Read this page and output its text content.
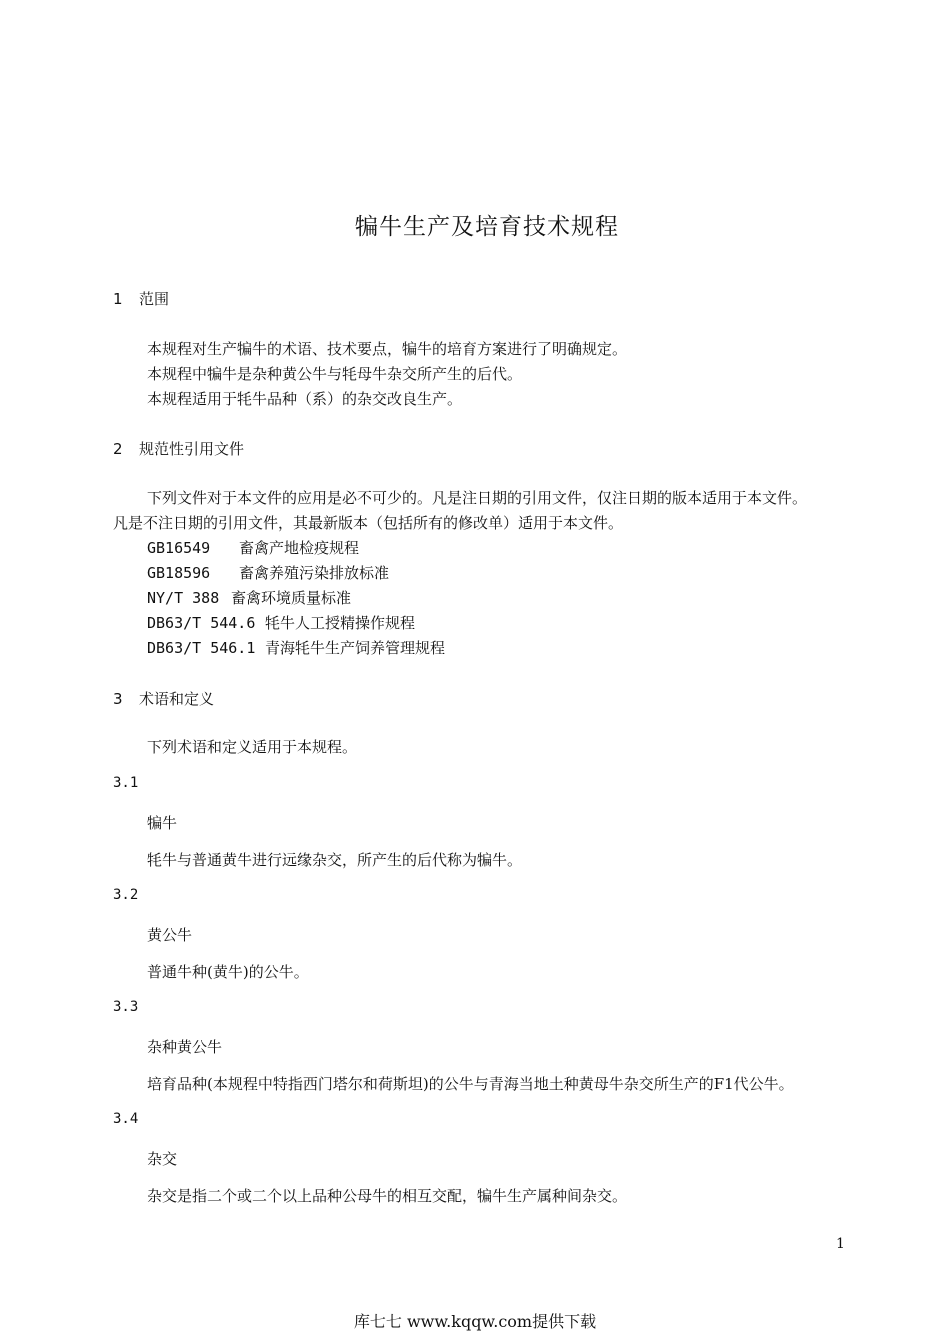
犏牛生产及培育技术规程
1 范围
本规程对生产犏牛的术语、技术要点，犏牛的培育方案进行了明确规定。
本规程中犏牛是杂种黄公牛与牦母牛杂交所产生的后代。
本规程适用于牦牛品种（系）的杂交改良生产。
2 规范性引用文件
下列文件对于本文件的应用是必不可少的。凡是注日期的引用文件，仅注日期的版本适用于本文件。
凡是不注日期的引用文件，其最新版本（包括所有的修改单）适用于本文件。
GB16549 畜禽产地检疫规程
GB18596 畜禽养殖污染排放标准
NY/T 388 畜禽环境质量标准
DB63/T 544.6 牦牛人工授精操作规程
DB63/T 546.1 青海牦牛生产饲养管理规程
3 术语和定义
下列术语和定义适用于本规程。
3.1
犏牛
牦牛与普通黄牛进行远缘杂交，所产生的后代称为犏牛。
3.2
黄公牛
普通牛种(黄牛)的公牛。
3.3
杂种黄公牛
培育品种(本规程中特指西门塔尔和荷斯坦)的公牛与青海当地土种黄母牛杂交所生产的F1代公牛。
3.4
杂交
杂交是指二个或二个以上品种公母牛的相互交配，犏牛生产属种间杂交。
1
库七七 www.kqqw.com提供下载
